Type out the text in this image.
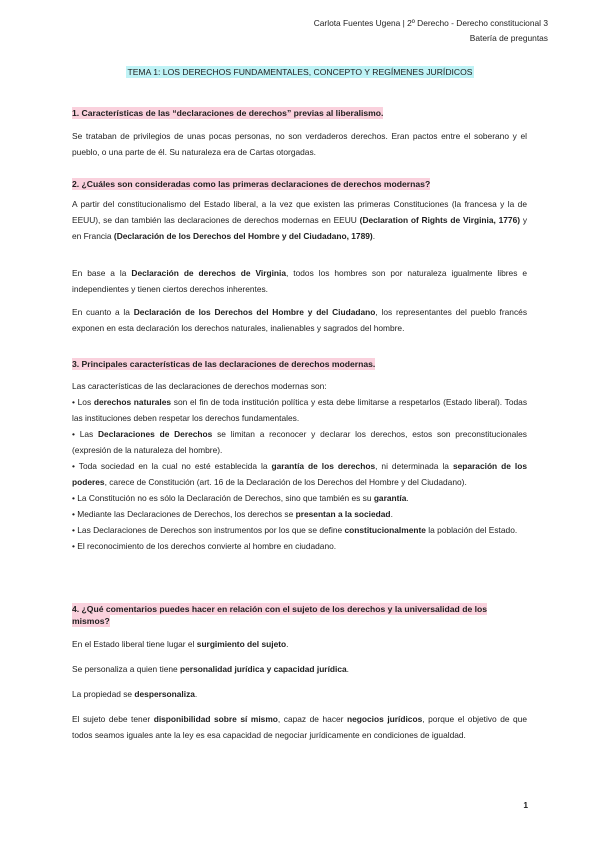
Carlota Fuentes Ugena | 2º Derecho - Derecho constitucional 3
Batería de preguntas
TEMA 1: LOS DERECHOS FUNDAMENTALES, CONCEPTO Y REGÍMENES JURÍDICOS
1. Características de las “declaraciones de derechos” previas al liberalismo.
Se trataban de privilegios de unas pocas personas, no son verdaderos derechos. Eran pactos entre el soberano y el pueblo, o una parte de él. Su naturaleza era de Cartas otorgadas.
2. ¿Cuáles son consideradas como las primeras declaraciones de derechos modernas?
A partir del constitucionalismo del Estado liberal, a la vez que existen las primeras Constituciones (la francesa y la de EEUU), se dan también las declaraciones de derechos modernas en EEUU (Declaration of Rights de Virginia, 1776) y en Francia (Declaración de los Derechos del Hombre y del Ciudadano, 1789).
En base a la Declaración de derechos de Virginia, todos los hombres son por naturaleza igualmente libres e independientes y tienen ciertos derechos inherentes.
En cuanto a la Declaración de los Derechos del Hombre y del Ciudadano, los representantes del pueblo francés exponen en esta declaración los derechos naturales, inalienables y sagrados del hombre.
3. Principales características de las declaraciones de derechos modernas.
Las características de las declaraciones de derechos modernas son:
• Los derechos naturales son el fin de toda institución política y esta debe limitarse a respetarlos (Estado liberal). Todas las instituciones deben respetar los derechos fundamentales.
• Las Declaraciones de Derechos se limitan a reconocer y declarar los derechos, estos son preconstitucionales (expresión de la naturaleza del hombre).
• Toda sociedad en la cual no esté establecida la garantía de los derechos, ni determinada la separación de los poderes, carece de Constitución (art. 16 de la Declaración de los Derechos del Hombre y del Ciudadano).
• La Constitución no es sólo la Declaración de Derechos, sino que también es su garantía.
• Mediante las Declaraciones de Derechos, los derechos se presentan a la sociedad.
• Las Declaraciones de Derechos son instrumentos por los que se define constitucionalmente la población del Estado.
• El reconocimiento de los derechos convierte al hombre en ciudadano.
4. ¿Qué comentarios puedes hacer en relación con el sujeto de los derechos y la universalidad de los mismos?
En el Estado liberal tiene lugar el surgimiento del sujeto.
Se personaliza a quien tiene personalidad jurídica y capacidad jurídica.
La propiedad se despersonaliza.
El sujeto debe tener disponibilidad sobre sí mismo, capaz de hacer negocios jurídicos, porque el objetivo de que todos seamos iguales ante la ley es esa capacidad de negociar jurídicamente en condiciones de igualdad.
1
